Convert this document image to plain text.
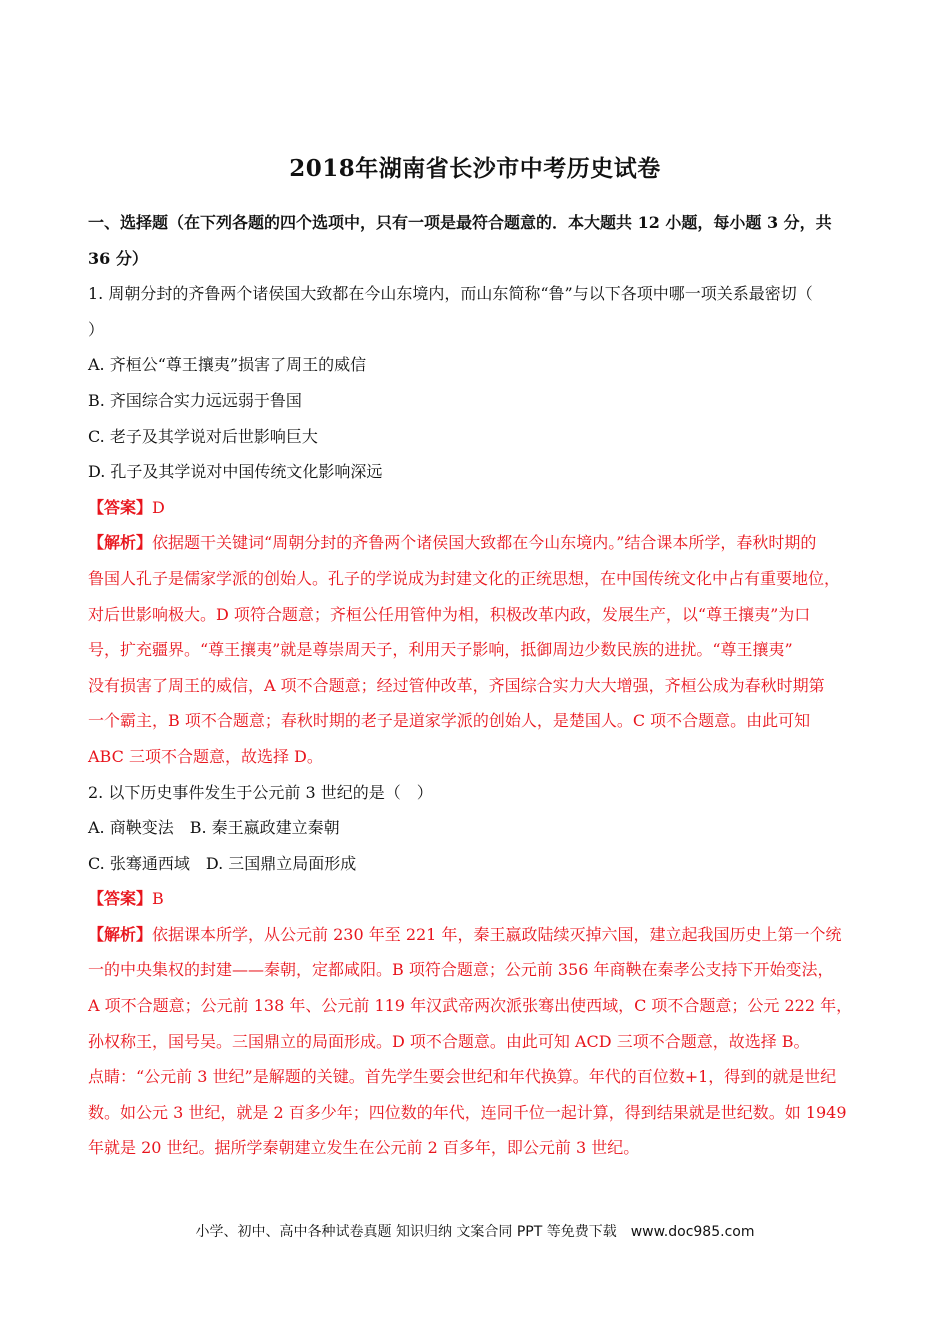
2018年湖南省长沙市中考历史试卷
一、选择题（在下列各题的四个选项中，只有一项是最符合题意的．本大题共 12 小题，每小题 3 分，共
36 分）
1. 周朝分封的齐鲁两个诸侯国大致都在今山东境内，而山东简称“鲁”与以下各项中哪一项关系最密切（
）
A. 齐桓公“尊王攘夷”损害了周王的威信
B. 齐国综合实力远远弱于鲁国
C. 老子及其学说对后世影响巨大
D. 孔子及其学说对中国传统文化影响深远
【答案】D
【解析】依据题干关键词“周朝分封的齐鲁两个诸侯国大致都在今山东境内。”结合课本所学，春秋时期的
鲁国人孔子是儒家学派的创始人。孔子的学说成为封建文化的正统思想，在中国传统文化中占有重要地位，
对后世影响极大。D 项符合题意；齐桓公任用管仲为相，积极改革内政，发展生产，以“尊王攘夷”为口
号，扩充疆界。“尊王攘夷”就是尊崇周天子，利用天子影响，抵御周边少数民族的进扰。“尊王攘夷”
没有损害了周王的威信，A 项不合题意；经过管仲改革，齐国综合实力大大增强，齐桓公成为春秋时期第
一个霸主，B 项不合题意；春秋时期的老子是道家学派的创始人，是楚国人。C 项不合题意。由此可知
ABC 三项不合题意，故选择 D。
2. 以下历史事件发生于公元前 3 世纪的是（　）
A. 商鞅变法　B. 秦王嬴政建立秦朝
C. 张骞通西域　D. 三国鼎立局面形成
【答案】B
【解析】依据课本所学，从公元前 230 年至 221 年，秦王嬴政陆续灭掉六国，建立起我国历史上第一个统
一的中央集权的封建——秦朝，定都咸阳。B 项符合题意；公元前 356 年商鞅在秦孝公支持下开始变法，
A 项不合题意；公元前 138 年、公元前 119 年汉武帝两次派张骞出使西域，C 项不合题意；公元 222 年，
孙权称王，国号吴。三国鼎立的局面形成。D 项不合题意。由此可知 ACD 三项不合题意，故选择 B。
点睛：“公元前 3 世纪”是解题的关键。首先学生要会世纪和年代换算。年代的百位数+1，得到的就是世纪
数。如公元 3 世纪，就是 2 百多少年；四位数的年代，连同千位一起计算，得到结果就是世纪数。如 1949
年就是 20 世纪。据所学秦朝建立发生在公元前 2 百多年，即公元前 3 世纪。
小学、初中、高中各种试卷真题 知识归纳 文案合同 PPT 等免费下载　www.doc985.com
